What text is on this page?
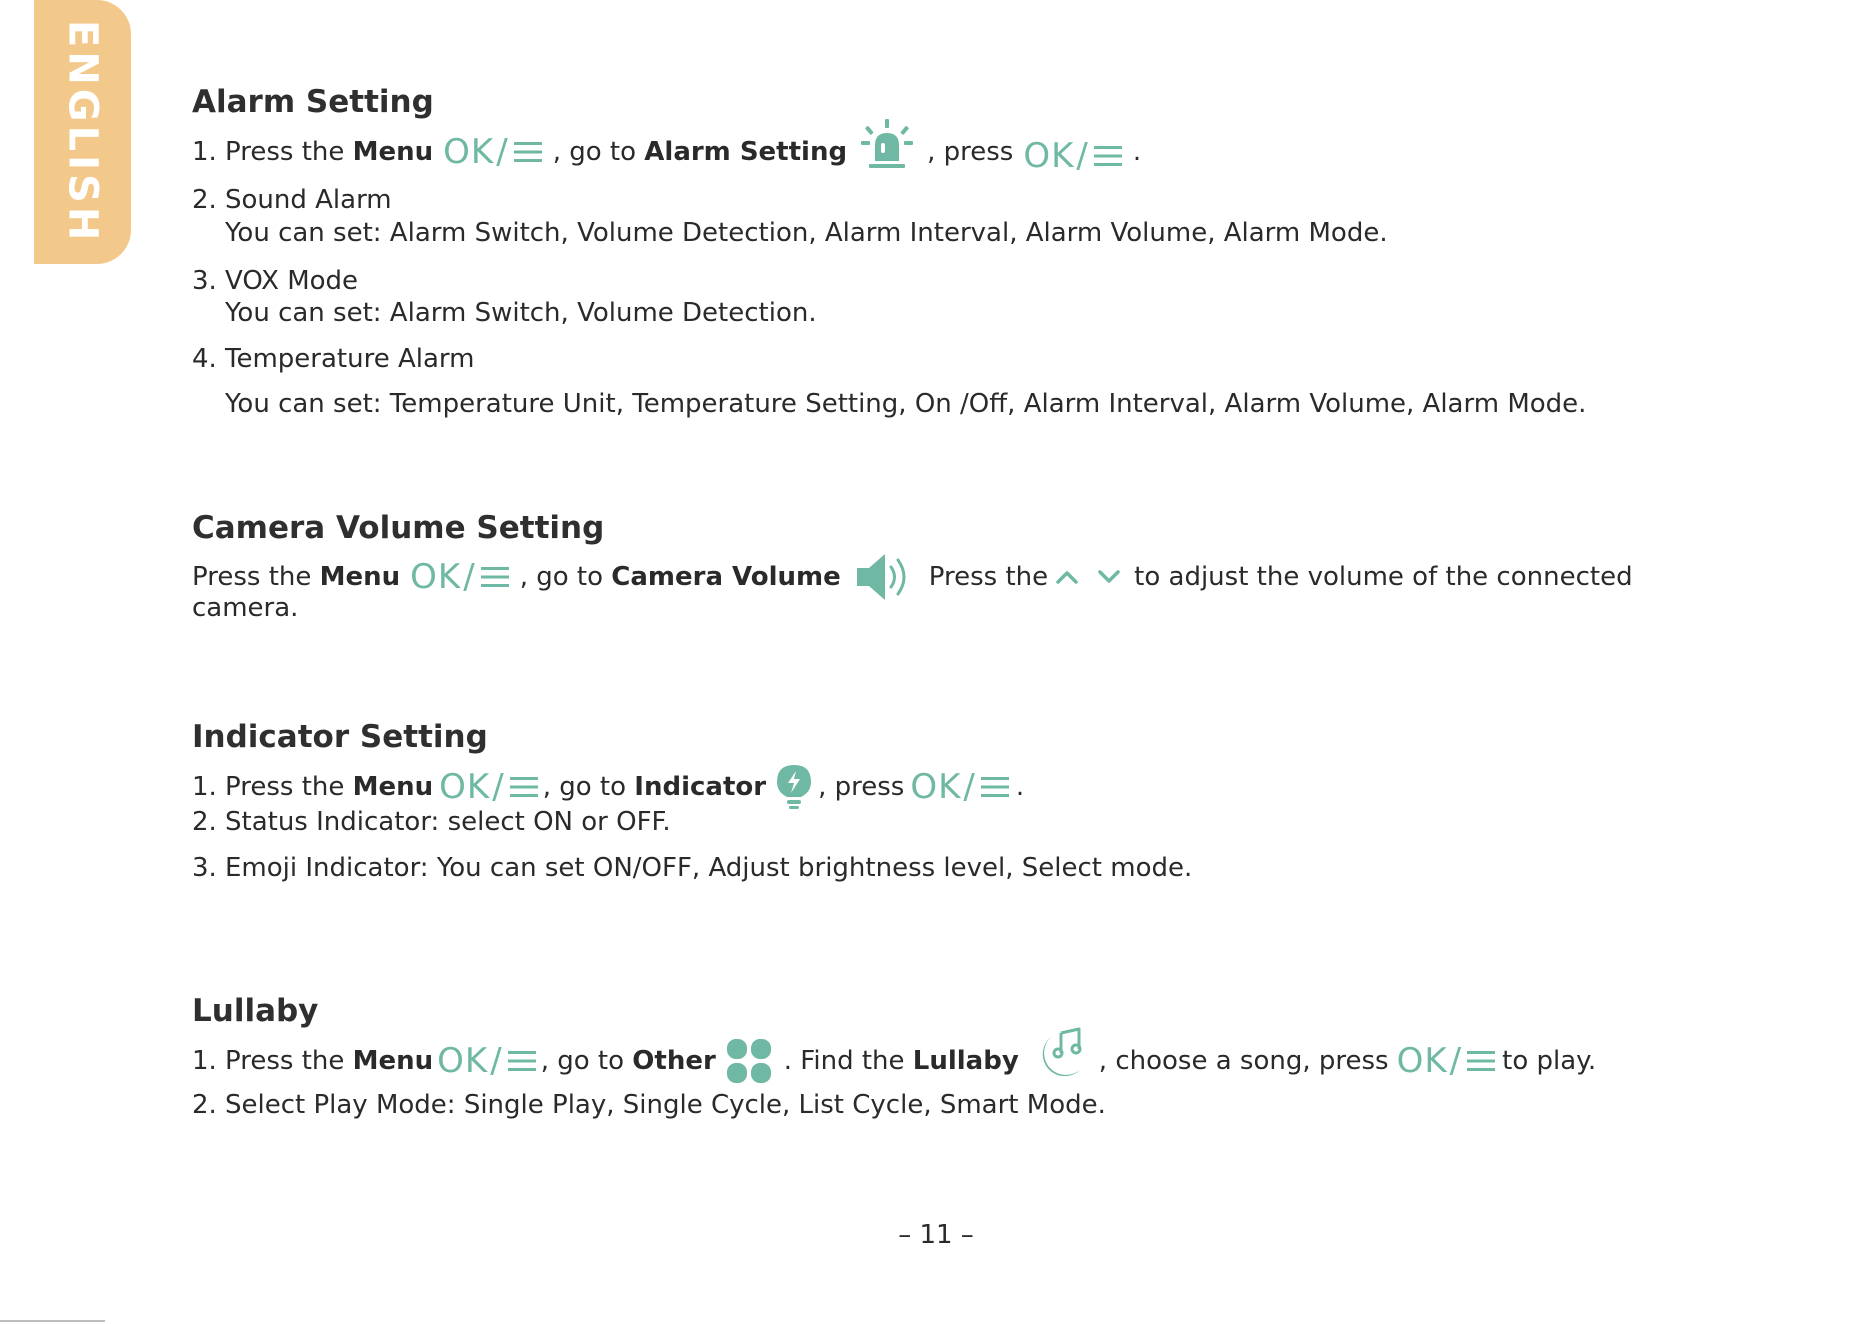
ENGLISH	Alarm Setting
1. Press the Menu OK / , go to Alarm Setting	, press OK / .
2. Sound Alarm
You can set: Alarm Switch, Volume Detection, Alarm Interval, Alarm Volume, Alarm Mode.
3. VOX Mode
You can set: Alarm Switch, Volume Detection.
4. Temperature Alarm
You can set: Temperature Unit, Temperature Setting, On /Off, Alarm Interval, Alarm Volume, Alarm Mode.
Camera Volume Setting
Press the Menu OK / , go to Camera Volume	Press the	to adjust the volume of the connected
camera.
Indicator Setting
1. Press the Menu OK / , go to Indicator , press OK / .
2. Status Indicator: select ON or OFF.
3. Emoji Indicator: You can set ON/OFF, Adjust brightness level, Select mode.
Lullaby
1. Press the Menu OK / , go to Other	. Find the Lullaby	, choose a song, press OK / to play.
2. Select Play Mode: Single Play, Single Cycle, List Cycle, Smart Mode.
– 11 –
